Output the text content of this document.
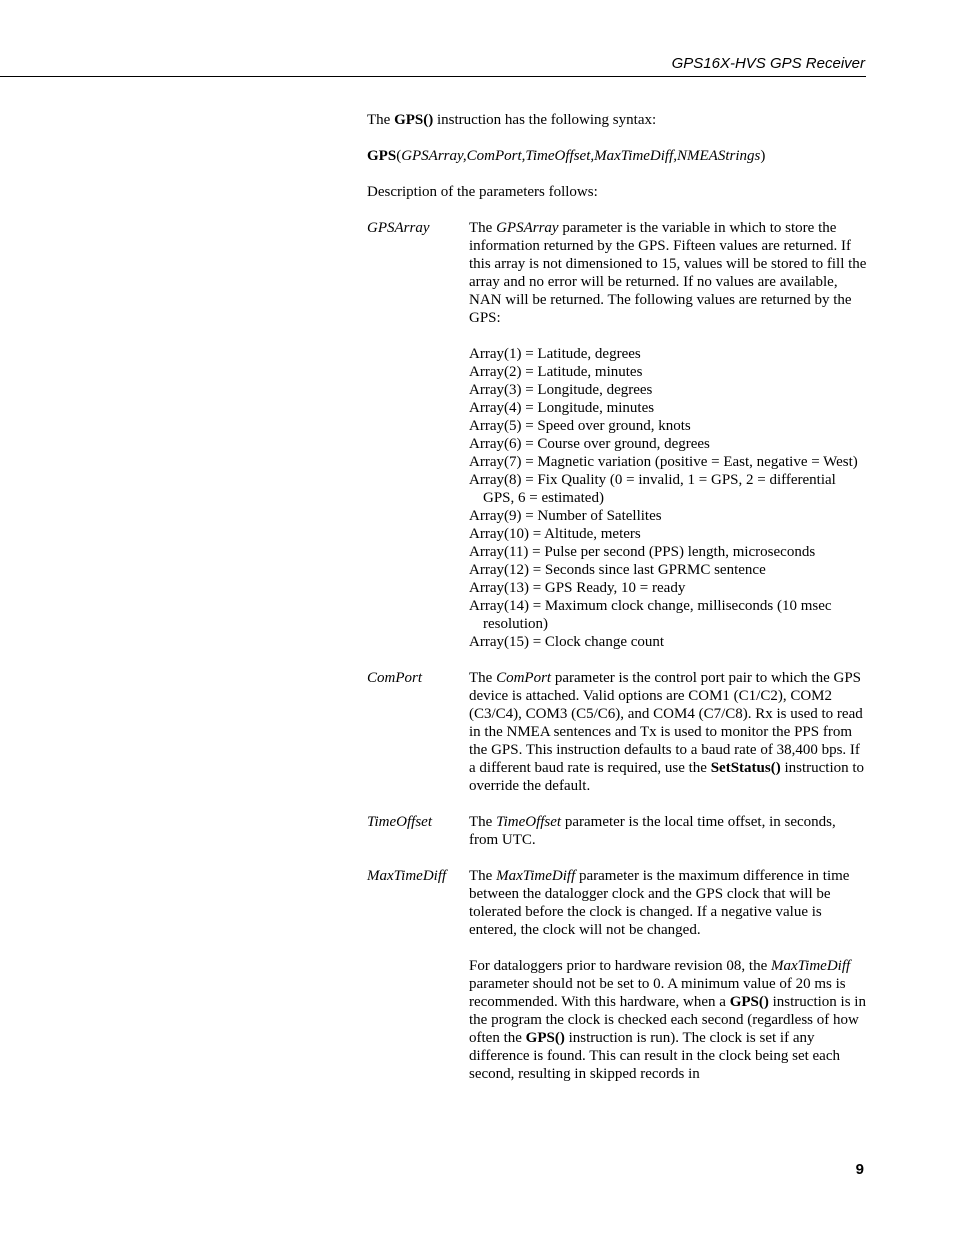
GPS16X-HVS GPS Receiver

The GPS() instruction has the following syntax:

GPS(GPSArray,ComPort,TimeOffset,MaxTimeDiff,NMEAStrings)

Description of the parameters follows:

GPSArray	The GPSArray parameter is the variable in which to store the information returned by the GPS. Fifteen values are returned. If this array is not dimensioned to 15, values will be stored to fill the array and no error will be returned. If no values are available, NAN will be returned. The following values are returned by the GPS:

Array(1) = Latitude, degrees
Array(2) = Latitude, minutes
Array(3) = Longitude, degrees
Array(4) = Longitude, minutes
Array(5) = Speed over ground, knots
Array(6) = Course over ground, degrees
Array(7) = Magnetic variation (positive = East, negative = West)
Array(8) = Fix Quality (0 = invalid, 1 = GPS, 2 = differential GPS, 6 = estimated)
Array(9) = Number of Satellites
Array(10) = Altitude, meters
Array(11) = Pulse per second (PPS) length, microseconds
Array(12) = Seconds since last GPRMC sentence
Array(13) = GPS Ready, 10 = ready
Array(14) = Maximum clock change, milliseconds (10 msec resolution)
Array(15) = Clock change count
ComPort	The ComPort parameter is the control port pair to which the GPS device is attached. Valid options are COM1 (C1/C2), COM2 (C3/C4), COM3 (C5/C6), and COM4 (C7/C8). Rx is used to read in the NMEA sentences and Tx is used to monitor the PPS from the GPS. This instruction defaults to a baud rate of 38,400 bps. If a different baud rate is required, use the SetStatus() instruction to override the default.

TimeOffset The TimeOffset parameter is the local time offset, in seconds, from UTC.

MaxTimeDiff The MaxTimeDiff parameter is the maximum difference in time between the datalogger clock and the GPS clock that will be tolerated before the clock is changed. If a negative value is entered, the clock will not be changed.

For dataloggers prior to hardware revision 08, the MaxTimeDiff parameter should not be set to 0. A minimum value of 20 ms is recommended. With this hardware, when a GPS() instruction is in the program the clock is checked each second (regardless of how often the GPS() instruction is run). The clock is set if any difference is found. This can result in the clock being set each second, resulting in skipped records in

9
